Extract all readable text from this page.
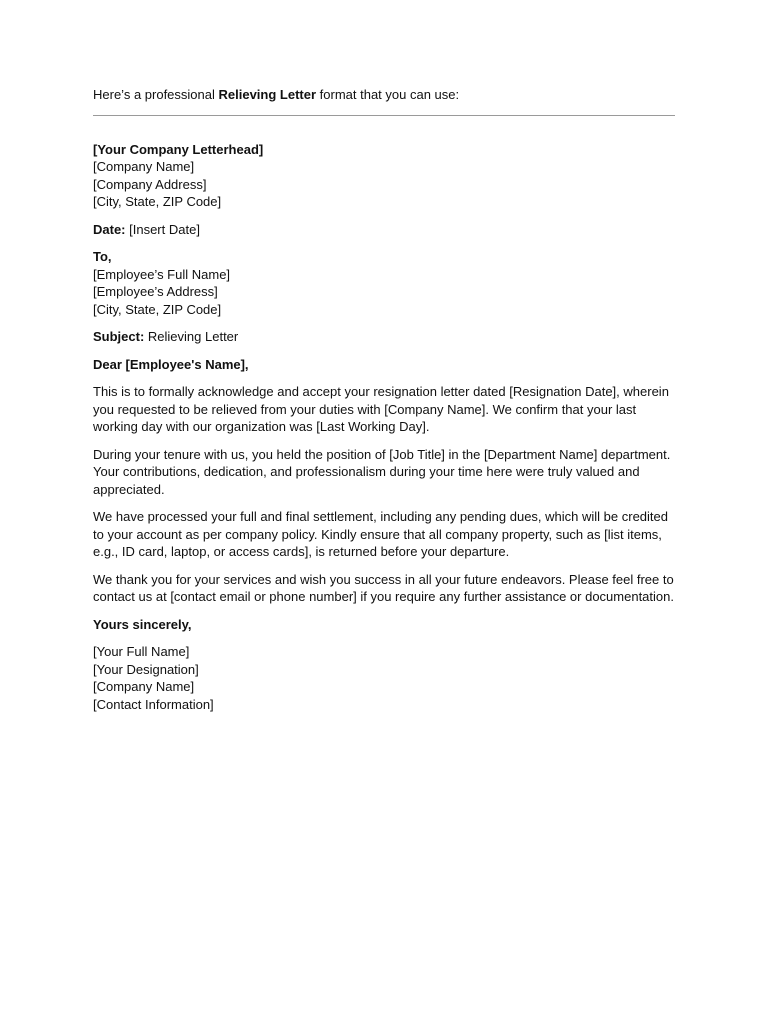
Here’s a professional Relieving Letter format that you can use:

[Your Company Letterhead]
[Company Name]
[Company Address]
[City, State, ZIP Code]
Date: [Insert Date]
To,
[Employee’s Full Name]
[Employee’s Address]
[City, State, ZIP Code]
Subject: Relieving Letter
Dear [Employee's Name],

This is to formally acknowledge and accept your resignation letter dated [Resignation Date], wherein you requested to be relieved from your duties with [Company Name]. We confirm that your last working day with our organization was [Last Working Day].

During your tenure with us, you held the position of [Job Title] in the [Department Name] department. Your contributions, dedication, and professionalism during your time here were truly valued and appreciated.

We have processed your full and final settlement, including any pending dues, which will be credited to your account as per company policy. Kindly ensure that all company property, such as [list items, e.g., ID card, laptop, or access cards], is returned before your departure.

We thank you for your services and wish you success in all your future endeavors. Please feel free to contact us at [contact email or phone number] if you require any further assistance or documentation.

Yours sincerely,
[Your Full Name]
[Your Designation]
[Company Name]
[Contact Information]
